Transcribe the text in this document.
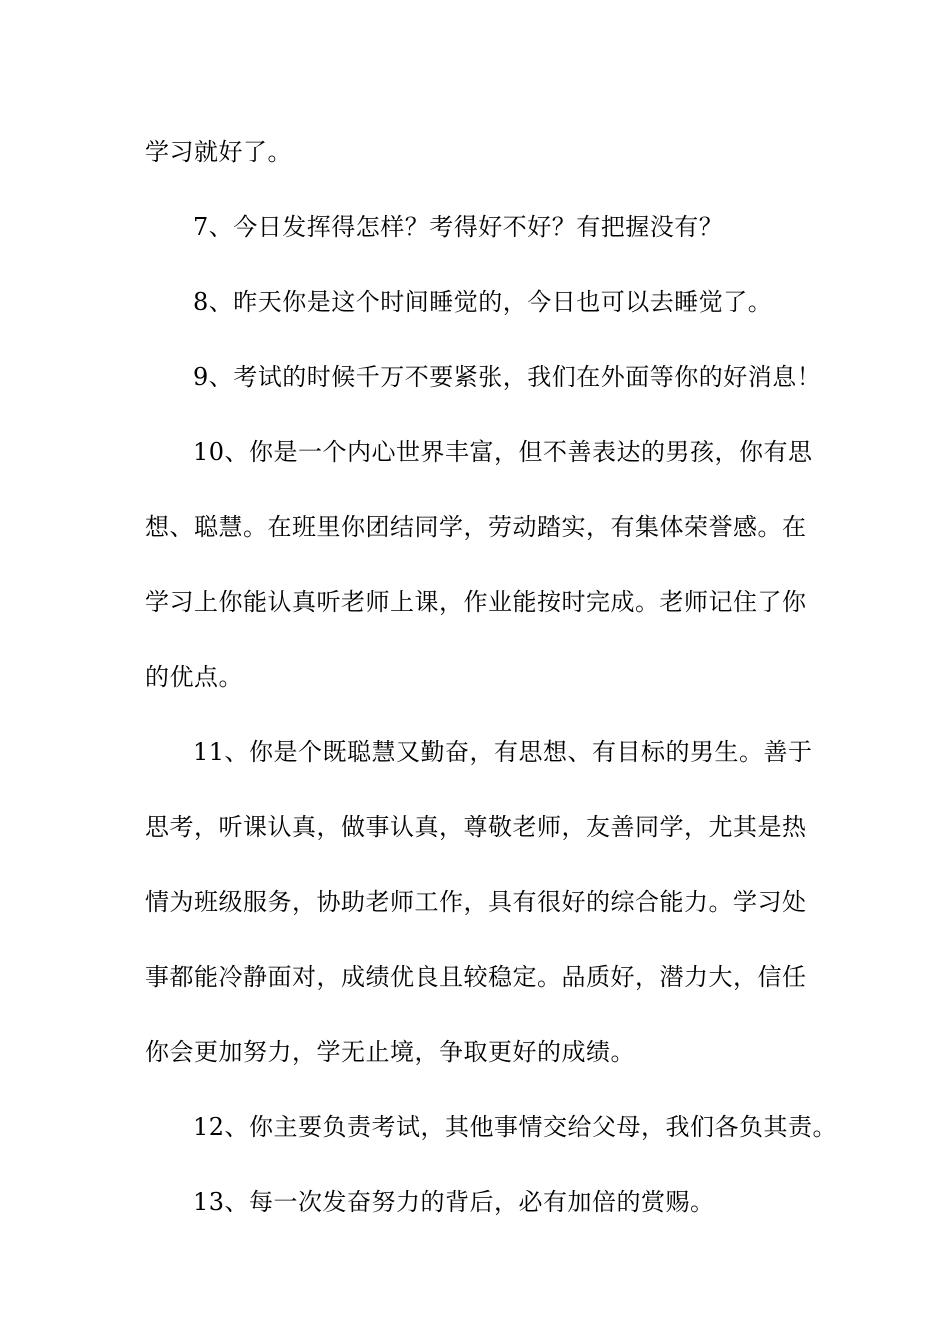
学习就好了。
7、今日发挥得怎样？考得好不好？有把握没有？
8、昨天你是这个时间睡觉的，今日也可以去睡觉了。
9、考试的时候千万不要紧张，我们在外面等你的好消息！
10、你是一个内心世界丰富，但不善表达的男孩，你有思
想、聪慧。在班里你团结同学，劳动踏实，有集体荣誉感。在
学习上你能认真听老师上课，作业能按时完成。老师记住了你
的优点。
11、你是个既聪慧又勤奋，有思想、有目标的男生。善于
思考，听课认真，做事认真，尊敬老师，友善同学，尤其是热
情为班级服务，协助老师工作，具有很好的综合能力。学习处
事都能冷静面对，成绩优良且较稳定。品质好，潜力大，信任
你会更加努力，学无止境，争取更好的成绩。
12、你主要负责考试，其他事情交给父母，我们各负其责。
13、每一次发奋努力的背后，必有加倍的赏赐。
